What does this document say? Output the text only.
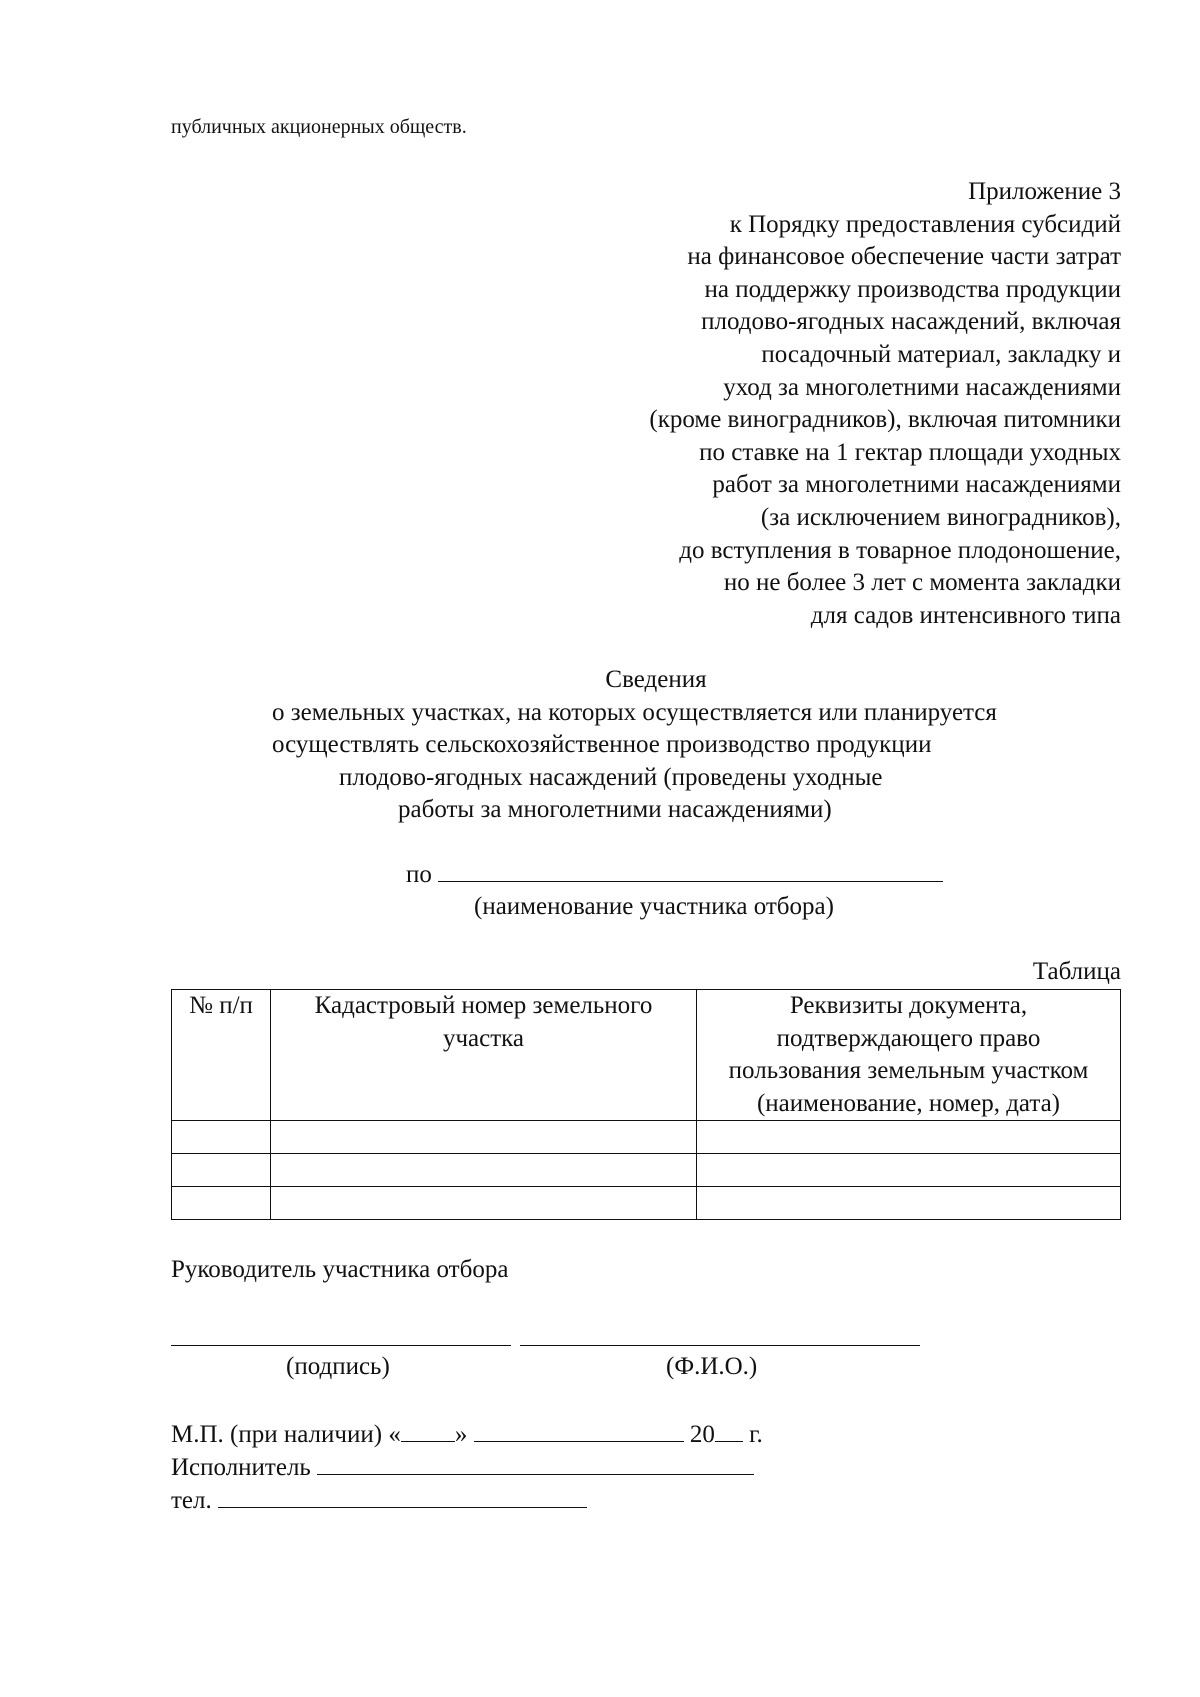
публичных акционерных обществ.
Приложение 3
к Порядку предоставления субсидий
на финансовое обеспечение части затрат
на поддержку производства продукции
плодово-ягодных насаждений, включая
посадочный материал, закладку и
уход за многолетними насаждениями
(кроме виноградников), включая питомники
по ставке на 1 гектар площади уходных
работ за многолетними насаждениями
(за исключением виноградников),
до вступления в товарное плодоношение,
но не более 3 лет с момента закладки
для садов интенсивного типа
Сведения
о земельных участках, на которых осуществляется или планируется
осуществлять сельскохозяйственное производство продукции
плодово-ягодных насаждений (проведены уходные
работы за многолетними насаждениями)
по
(наименование участника отбора)
Таблица
№ п/п	Кадастровый номер земельного участка	Реквизиты документа, подтверждающего право пользования земельным участком (наименование, номер, дата)

Руководитель участника отбора
(подпись)	(Ф.И.О.)
М.П. (при наличии) « »	20 г.
Исполнитель
тел.
